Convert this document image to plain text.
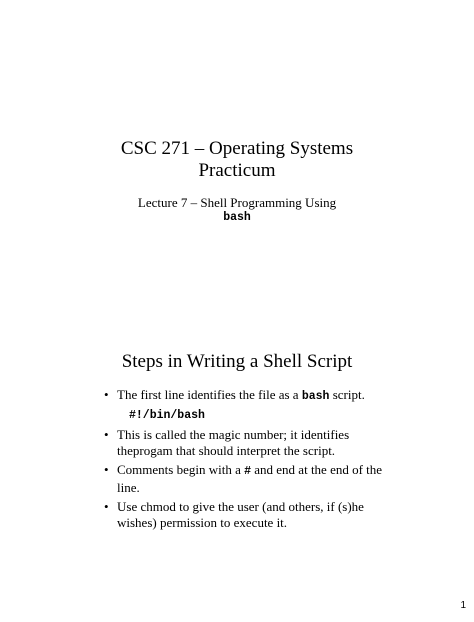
CSC 271 – Operating Systems
Practicum
Lecture 7 – Shell Programming Using
bash
Steps in Writing a Shell Script
• The first line identifies the file as a bash script.
#!/bin/bash
• This is called the magic number; it identifies theprogam that should interpret the script.
• Comments begin with a # and end at the end of the line.
• Use chmod to give the user (and others, if (s)he wishes) permission to execute it.
1
